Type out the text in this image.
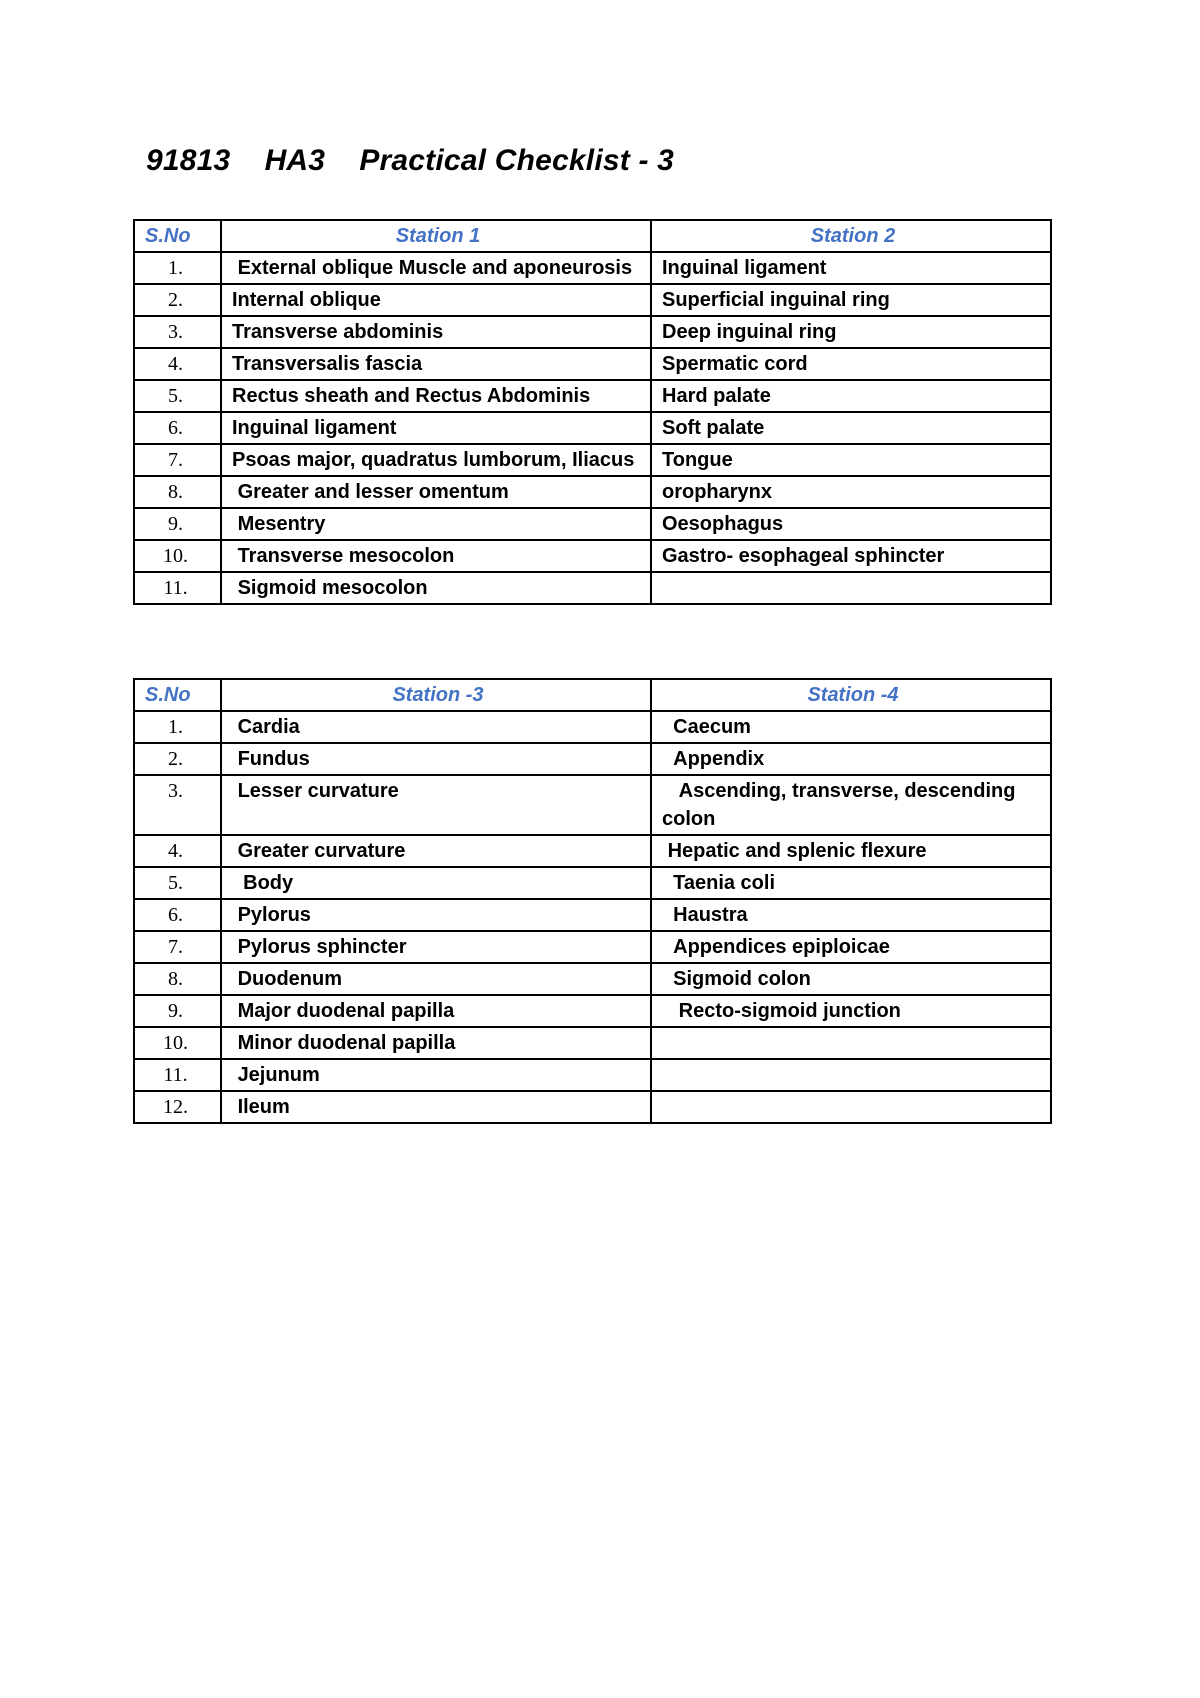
91813    HA3    Practical Checklist - 3
S.No	Station 1	Station 2
1.	External oblique Muscle and aponeurosis	Inguinal ligament
2.	Internal oblique	Superficial inguinal ring
3.	Transverse abdominis	Deep inguinal ring
4.	Transversalis fascia	Spermatic cord
5.	Rectus sheath and Rectus Abdominis	Hard palate
6.	Inguinal ligament	Soft palate
7.	Psoas major, quadratus lumborum, Iliacus	Tongue
8.	Greater and lesser omentum	oropharynx
9.	Mesentry	Oesophagus
10.	Transverse mesocolon	Gastro- esophageal sphincter
11.	Sigmoid mesocolon	
S.No	Station -3	Station -4
1.	Cardia	Caecum
2.	Fundus	Appendix
3.	Lesser curvature	Ascending, transverse, descending colon
4.	Greater curvature	Hepatic and splenic flexure
5.	Body	Taenia coli
6.	Pylorus	Haustra
7.	Pylorus sphincter	Appendices epiploicae
8.	Duodenum	Sigmoid colon
9.	Major duodenal papilla	Recto-sigmoid junction
10.	Minor duodenal papilla	
11.	Jejunum	
12.	Ileum	
